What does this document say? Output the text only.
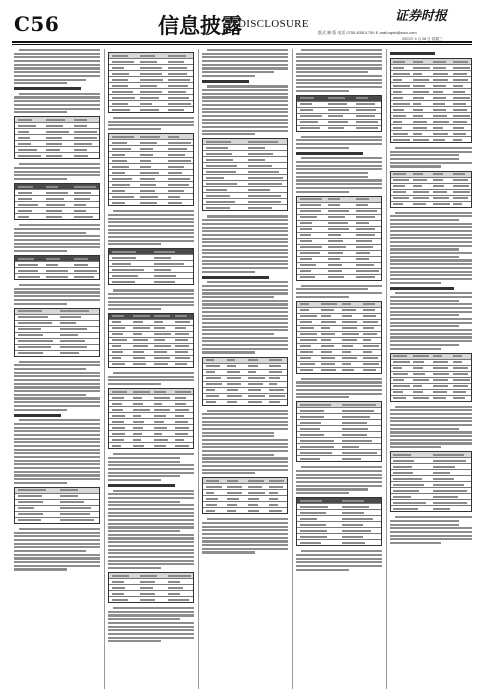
C56	信息披露
DISCLOSURE	证券时报
版式 制 版 电话 0755-83501750 E-mail:zqsb@stcn.com
2021年 4 月 28 日 星期三
